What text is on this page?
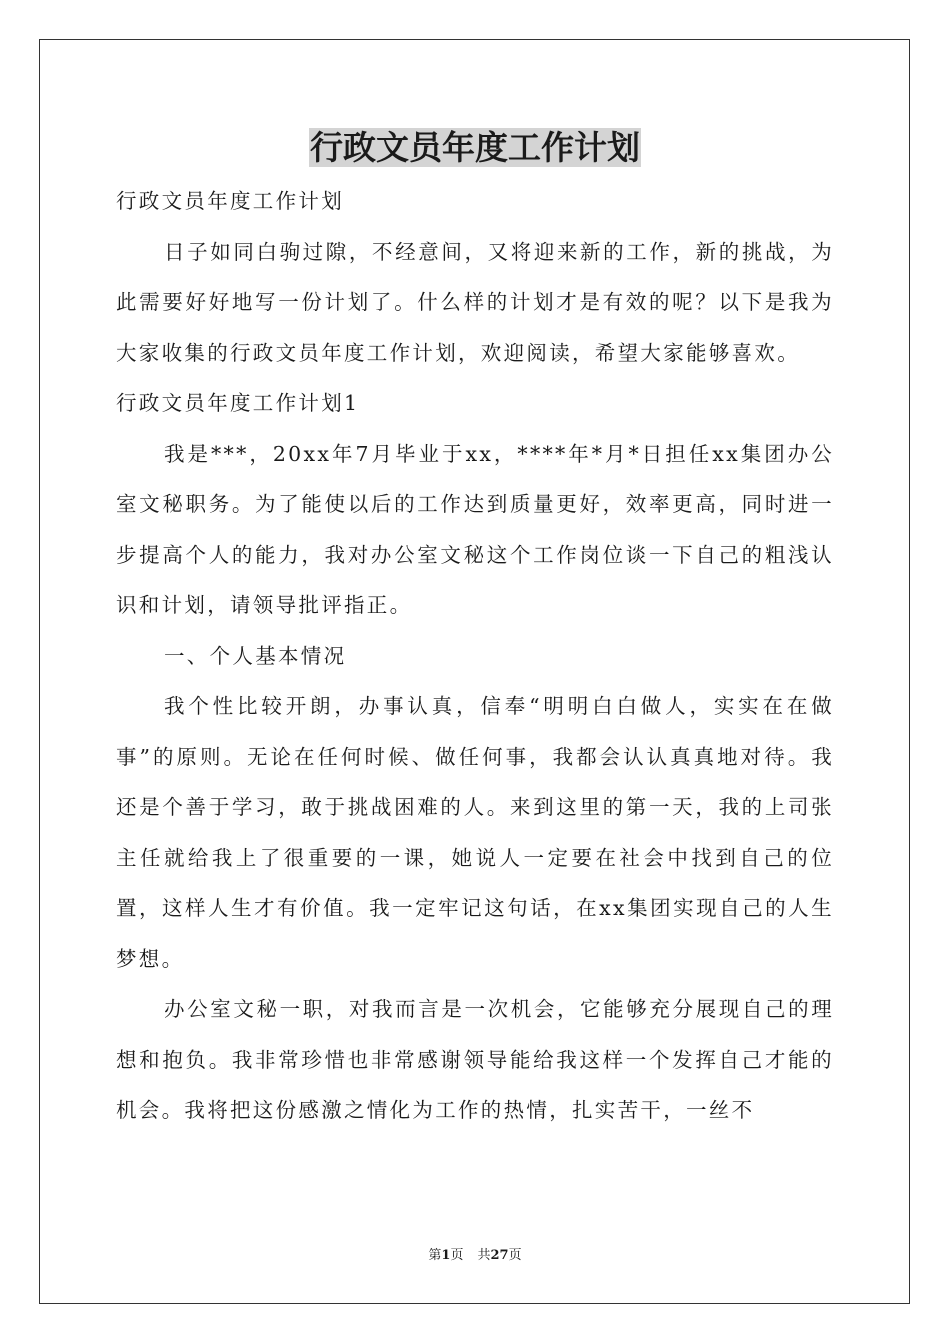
行政文员年度工作计划

行政文员年度工作计划

日子如同白驹过隙，不经意间，又将迎来新的工作，新的挑战，为此需要好好地写一份计划了。什么样的计划才是有效的呢？以下是我为大家收集的行政文员年度工作计划，欢迎阅读，希望大家能够喜欢。

行政文员年度工作计划1

我是***，20xx年7月毕业于xx，****年*月*日担任xx集团办公室文秘职务。为了能使以后的工作达到质量更好，效率更高，同时进一步提高个人的能力，我对办公室文秘这个工作岗位谈一下自己的粗浅认识和计划，请领导批评指正。

一、个人基本情况

我个性比较开朗，办事认真，信奉“明明白白做人，实实在在做事”的原则。无论在任何时候、做任何事，我都会认认真真地对待。我还是个善于学习，敢于挑战困难的人。来到这里的第一天，我的上司张主任就给我上了很重要的一课，她说人一定要在社会中找到自己的位置，这样人生才有价值。我一定牢记这句话，在xx集团实现自己的人生梦想。

办公室文秘一职，对我而言是一次机会，它能够充分展现自己的理想和抱负。我非常珍惜也非常感谢领导能给我这样一个发挥自己才能的机会。我将把这份感激之情化为工作的热情，扎实苦干，一丝不

第1页 共27页
